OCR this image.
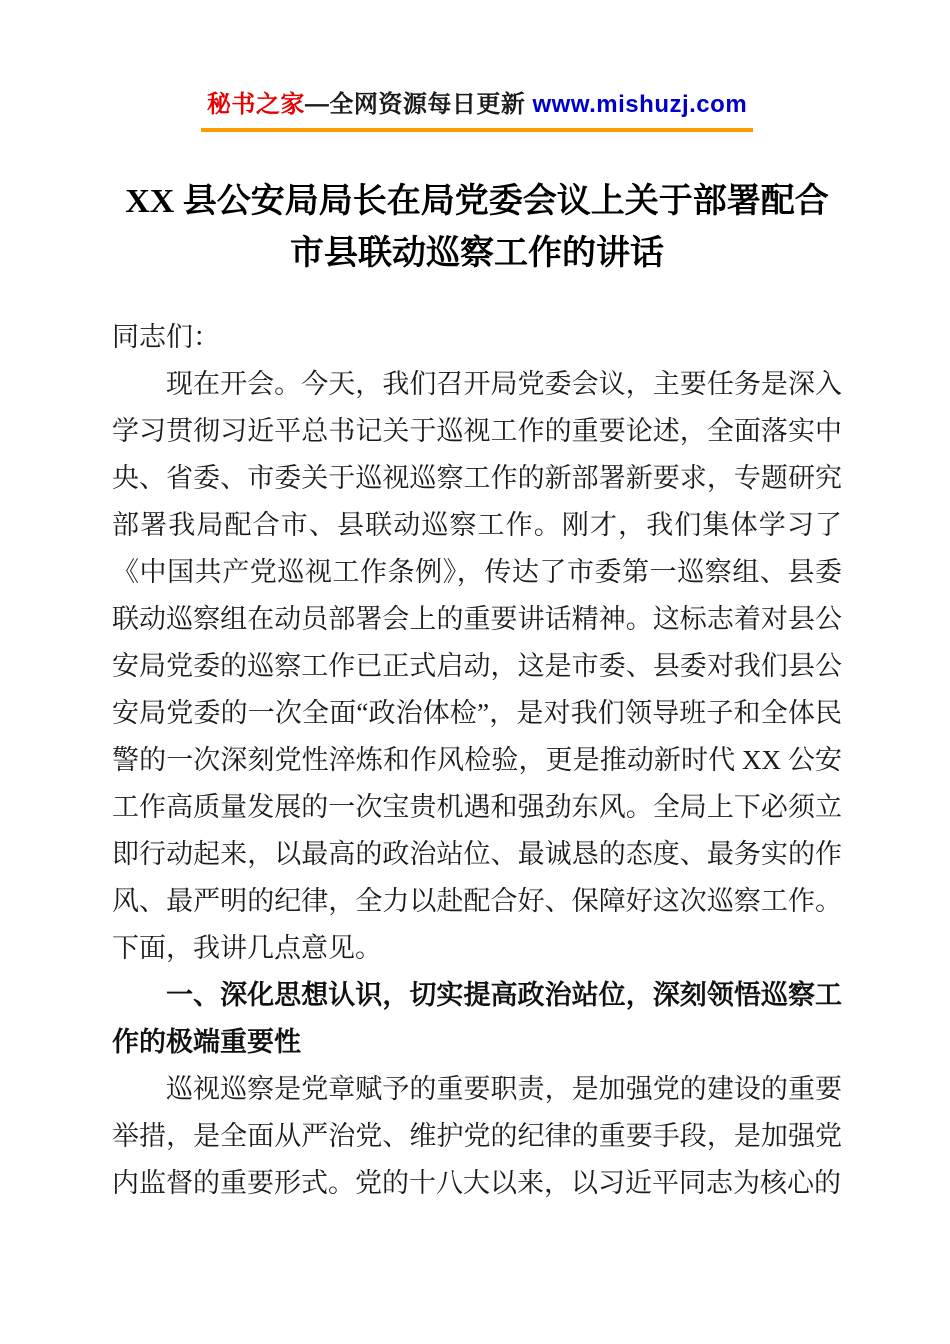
秘书之家—全网资源每日更新 www.mishuzj.com
XX 县公安局局长在局党委会议上关于部署配合市县联动巡察工作的讲话

同志们：

现在开会。今天，我们召开局党委会议，主要任务是深入学习贯彻习近平总书记关于巡视工作的重要论述，全面落实中央、省委、市委关于巡视巡察工作的新部署新要求，专题研究部署我局配合市、县联动巡察工作。刚才，我们集体学习了《中国共产党巡视工作条例》，传达了市委第一巡察组、县委联动巡察组在动员部署会上的重要讲话精神。这标志着对县公安局党委的巡察工作已正式启动，这是市委、县委对我们县公安局党委的一次全面“政治体检”，是对我们领导班子和全体民警的一次深刻党性淬炼和作风检验，更是推动新时代 XX 公安工作高质量发展的一次宝贵机遇和强劲东风。全局上下必须立即行动起来，以最高的政治站位、最诚恳的态度、最务实的作风、最严明的纪律，全力以赴配合好、保障好这次巡察工作。下面，我讲几点意见。

一、深化思想认识，切实提高政治站位，深刻领悟巡察工作的极端重要性

巡视巡察是党章赋予的重要职责，是加强党的建设的重要举措，是全面从严治党、维护党的纪律的重要手段，是加强党内监督的重要形式。党的十八大以来，以习近平同志为核心的
